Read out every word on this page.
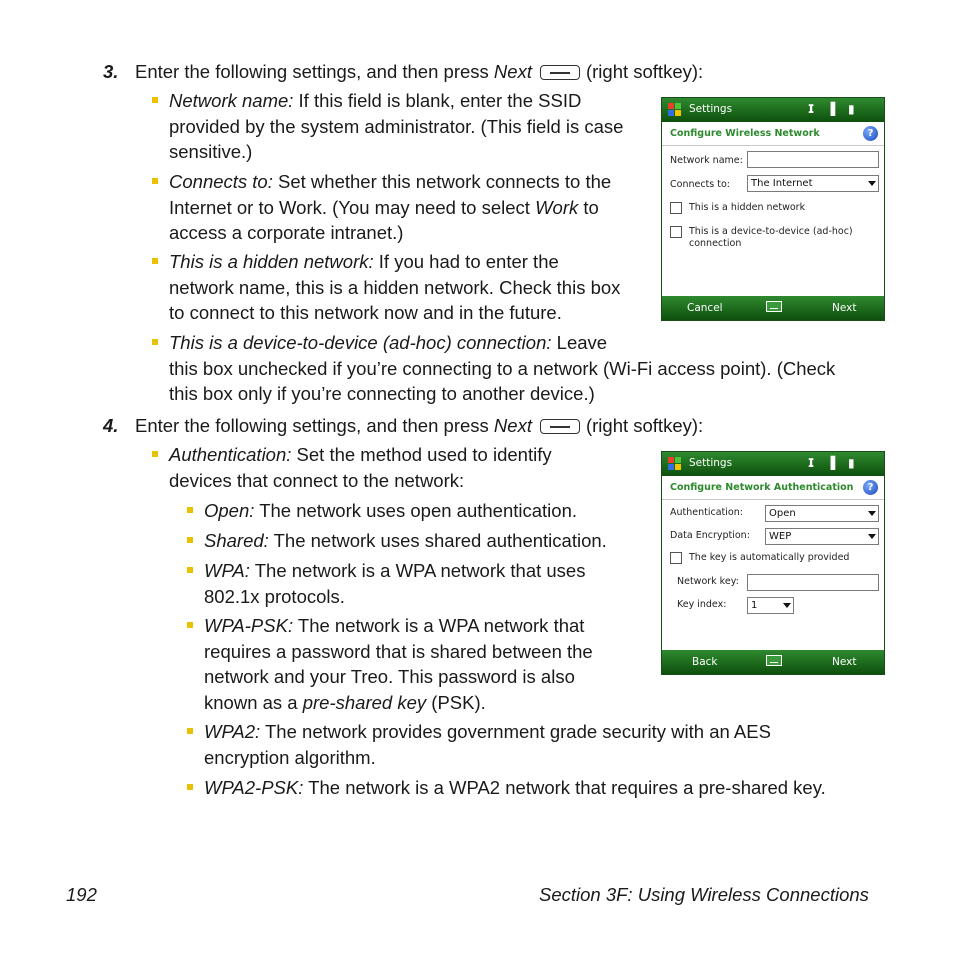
3. Enter the following settings, and then press Next	(right softkey):

Network name: If this field is blank, enter the SSID

provided by the system administrator. (This field is case

sensitive.)

Connects to: Set whether this network connects to the

Internet or to Work. (You may need to select Work to

access a corporate intranet.)

This is a hidden network: If you had to enter the

network name, this is a hidden network. Check this box

to connect to this network now and in the future.

This is a device-to-device (ad-hoc) connection: Leave

this box unchecked if you’re connecting to a network (Wi-Fi access point). (Check

this box only if you’re connecting to another device.)

4. Enter the following settings, and then press Next	(right softkey):

Authentication: Set the method used to identify

devices that connect to the network:

Open: The network uses open authentication.

Shared: The network uses shared authentication.

WPA: The network is a WPA network that uses

802.1x protocols.

WPA-PSK: The network is a WPA network that

requires a password that is shared between the

network and your Treo. This password is also

known as a pre-shared key (PSK).

WPA2: The network provides government grade security with an AES

encryption algorithm.

WPA2-PSK: The network is a WPA2 network that requires a pre-shared key.

192	Section 3F: Using Wireless Connections

Settings	𝗜 ▐ ▮
Configure Wireless Network	?
Network name:
Connects to:	The Internet
This is a hidden network
This is a device-to-device (ad-hoc)
connection
Cancel	Next
Settings	𝗜 ▐ ▮
Configure Network Authentication	?
Authentication:	Open
Data Encryption:	WEP
The key is automatically provided
Network key:
Key index:	1
Back	Next
